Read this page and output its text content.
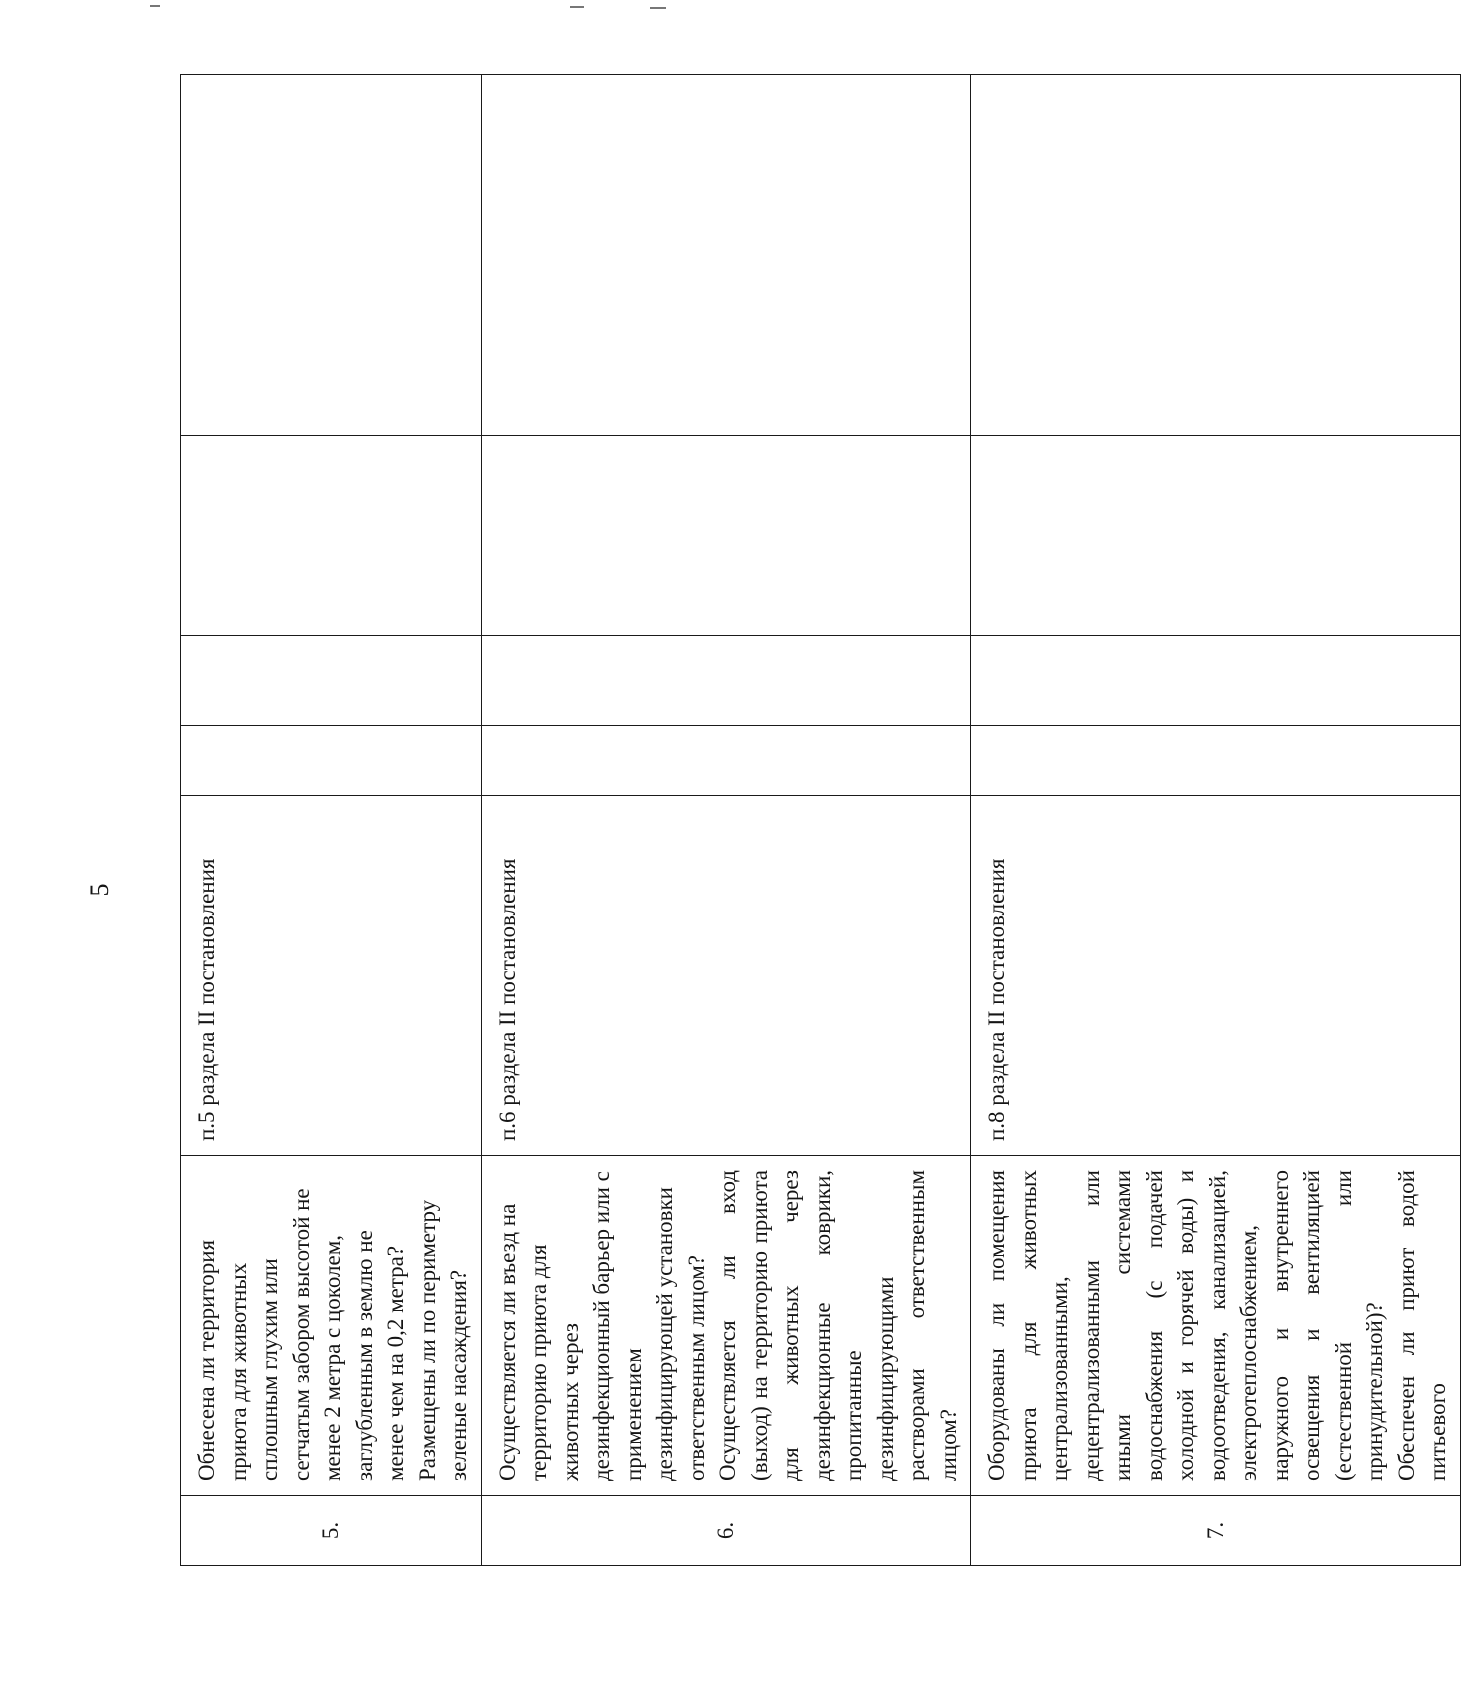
5
5.	Обнесена ли территория приюта для животных сплошным глухим или сетчатым забором высотой не менее 2 метра с цоколем, заглубленным в землю не менее чем на 0,2 метра? Размещены ли по периметру зеленые насаждения?	п.5 раздела II постановления				
6.	Осуществляется ли въезд на территорию приюта для животных через дезинфекционный барьер или с применением дезинфицирующей установки ответственным лицом? Осуществляется ли вход (выход) на территорию приюта для животных через дезинфекционные коврики, пропитанные дезинфицирующими растворами ответственным лицом?	п.6 раздела II постановления				
7.	Оборудованы ли помещения приюта для животных централизованными, децентрализованными или иными системами водоснабжения (с подачей холодной и горячей воды) и водоотведения, канализацией, электротеплоснабжением, наружного и внутреннего освещения и вентиляцией (естественной или принудительной)? Обеспечен ли приют водой питьевого	п.8 раздела II постановления				
